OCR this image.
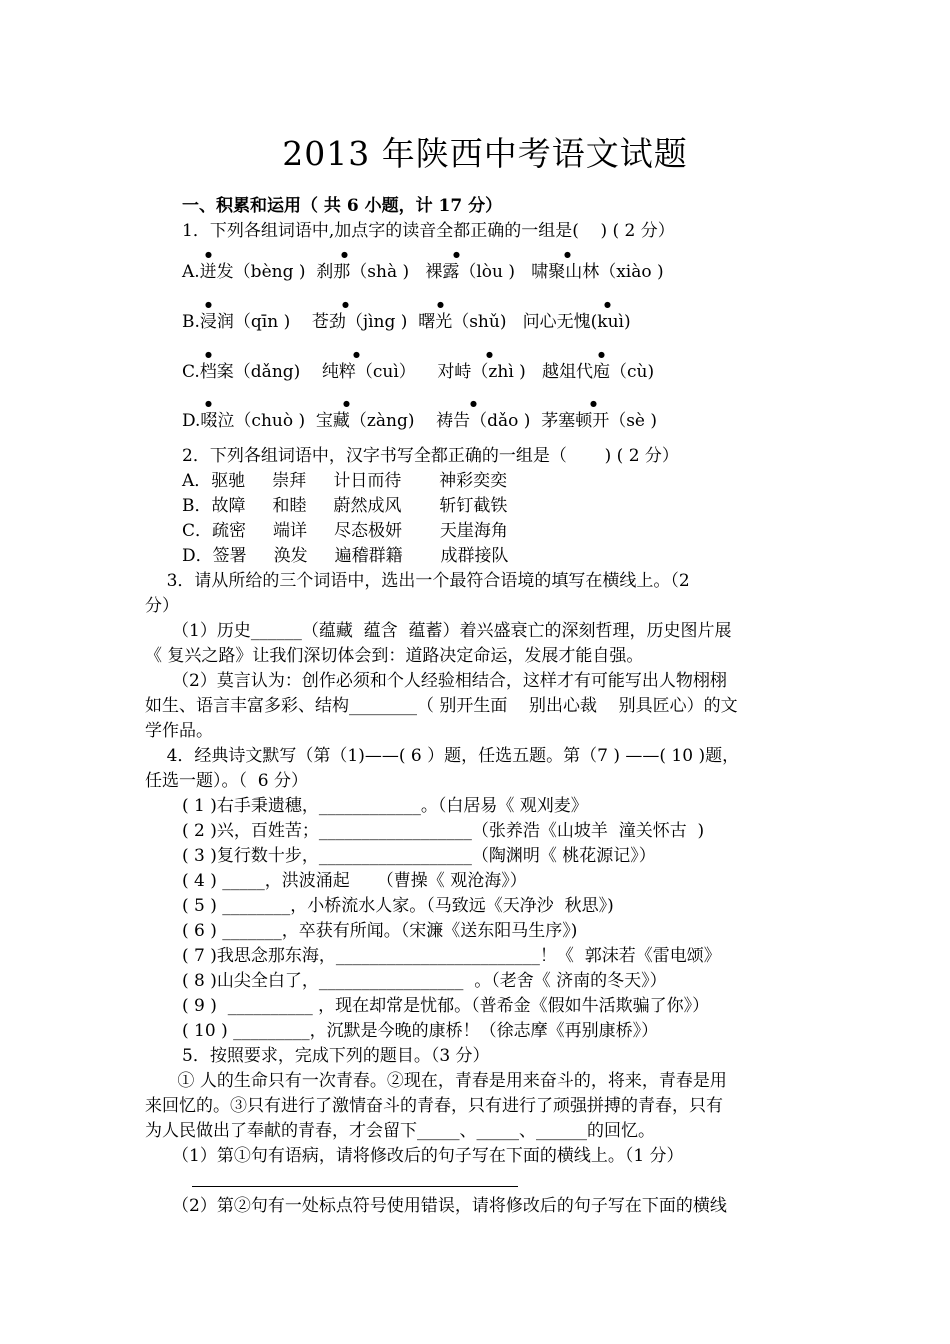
2013 年陕西中考语文试题
一、积累和运用（ 共 6 小题，计 17 分）
1．下列各组词语中,加点字的读音全都正确的一组是(    ) ( 2 分）
A.迸发（bèng )  刹那（shà )   裸露（lòu )   啸聚山林（xiào )
B.浸润（qīn )    苍劲（jìng )  曙光（shǔ)   问心无愧(kuì)
C.档案（dǎng)    纯粹（cuì）    对峙（zhì )   越俎代庖（cù)
D.啜泣（chuò )  宝藏（zàng)    祷告（dǎo )  茅塞顿开（sè )
●	●	●	●
●	●	●	●
●	●	●	●
●	●	●	●
2．下列各组词语中，汉字书写全都正确的一组是（       ) ( 2 分）
A．驱驰     崇拜     计日而待       神彩奕奕
B．故障     和睦     蔚然成风       斩钉截铁
C．疏密     端详     尽态极妍       天崖海角
D．签署     涣发     遍稽群籍       成群接队
3．请从所给的三个词语中，选出一个最符合语境的填写在横线上。（2
分）
（1）历史______（蕴藏  蕴含  蕴蓄）着兴盛衰亡的深刻哲理，历史图片展
《 复兴之路》让我们深切体会到：道路决定命运，发展才能自强。
（2）莫言认为：创作必须和个人经验相结合，这样才有可能写出人物栩栩
如生、语言丰富多彩、结构________（ 别开生面    别出心裁    别具匠心）的文
学作品。
4．经典诗文默写（第（1)——( 6 ）题，任选五题。第（7 ) ——( 10 )题，
任选一题）。（  6 分）
( 1 )右手秉遗穗，____________。（白居易《 观刈麦》
( 2 )兴，百姓苦；__________________（张养浩《山坡羊  潼关怀古  )
( 3 )复行数十步，__________________（陶渊明《 桃花源记》）
( 4 ) _____，洪波涌起     （曹操《 观沧海》）
( 5 ) ________，小桥流水人家。（马致远《天净沙  秋思》)
( 6 ) _______，卒获有所闻。（宋濂《送东阳马生序》)
( 7 )我思念那东海，________________________！《  郭沫若《雷电颂》
( 8 )山尖全白了，_________________  。（老舍《 济南的冬天》）
( 9 )  __________ ，现在却常是忧郁。（普希金《假如牛活欺骗了你》）
( 10 ) _________，沉默是今晚的康桥！（徐志摩《再别康桥》）
5．按照要求，完成下列的题目。（3 分）
① 人的生命只有一次青春。②现在，青春是用来奋斗的，将来，青春是用
来回忆的。③只有进行了激情奋斗的青春，只有进行了顽强拼搏的青春，只有
为人民做出了奉献的青春，才会留下_____、_____、______的回忆。
（1）第①句有语病，请将修改后的句子写在下面的横线上。（1 分）
（2）第②句有一处标点符号使用错误，请将修改后的句子写在下面的横线
